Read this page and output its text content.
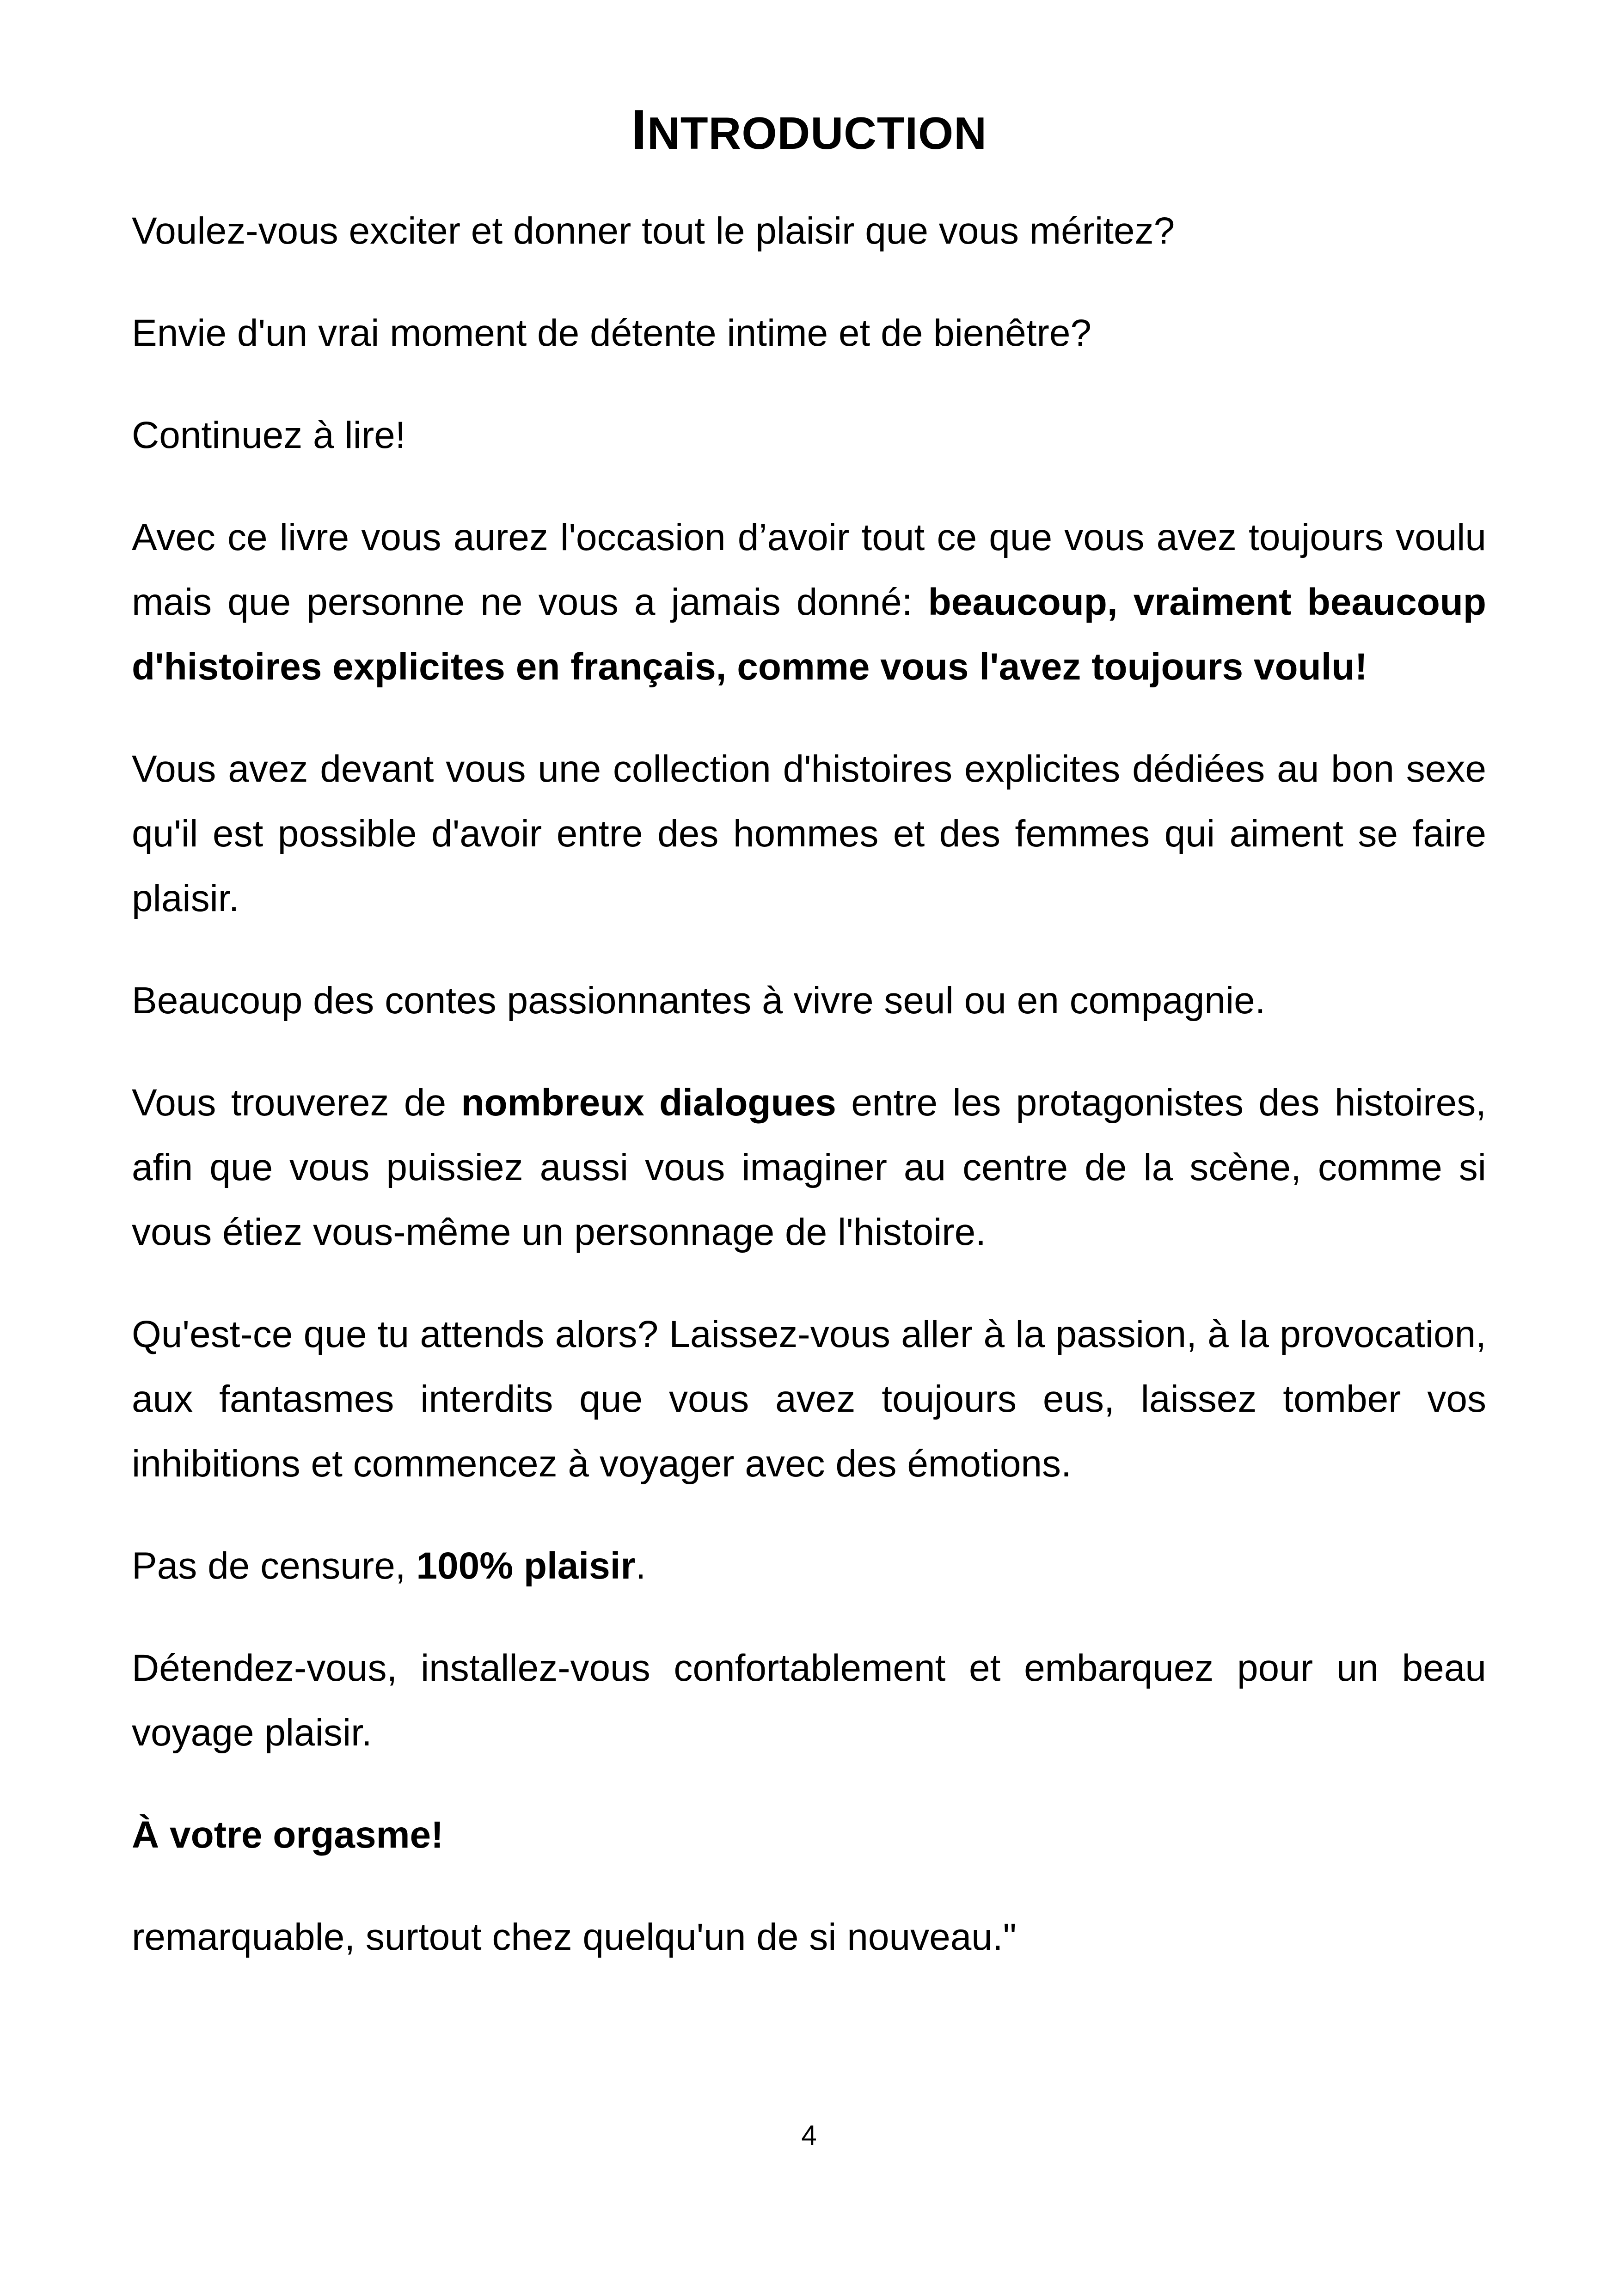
INTRODUCTION

Voulez-vous exciter et donner tout le plaisir que vous méritez?

Envie d'un vrai moment de détente intime et de bienêtre?

Continuez à lire!

Avec ce livre vous aurez l'occasion d’avoir tout ce que vous avez toujours voulu mais que personne ne vous a jamais donné: beaucoup, vraiment beaucoup d'histoires explicites en français, comme vous l'avez toujours voulu!

Vous avez devant vous une collection d'histoires explicites dédiées au bon sexe qu'il est possible d'avoir entre des hommes et des femmes qui aiment se faire plaisir.

Beaucoup des contes passionnantes à vivre seul ou en compagnie.

Vous trouverez de nombreux dialogues entre les protagonistes des histoires, afin que vous puissiez aussi vous imaginer au centre de la scène, comme si vous étiez vous-même un personnage de l'histoire.

Qu'est-ce que tu attends alors? Laissez-vous aller à la passion, à la provocation, aux fantasmes interdits que vous avez toujours eus, laissez tomber vos inhibitions et commencez à voyager avec des émotions.

Pas de censure, 100% plaisir.

Détendez-vous, installez-vous confortablement et embarquez pour un beau voyage plaisir.

À votre orgasme!

remarquable, surtout chez quelqu'un de si nouveau."

4
